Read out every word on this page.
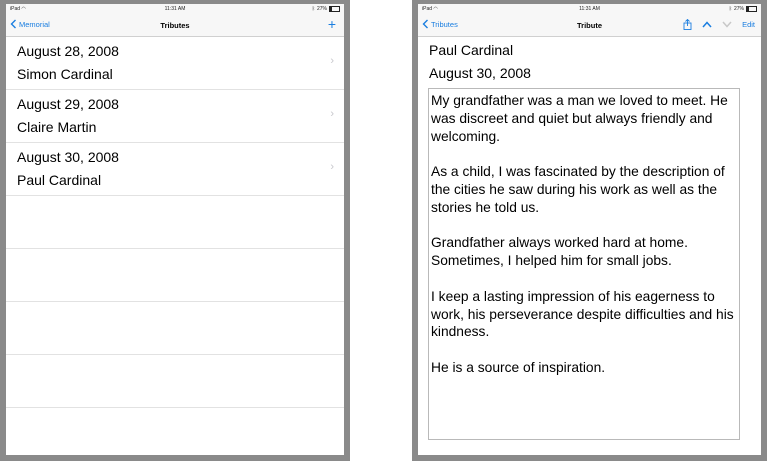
iPad ◠	11:31 AM	ᛒ 27%
Memorial	Tributes	+
August 28, 2008
Simon Cardinal
›
August 29, 2008
Claire Martin
›
August 30, 2008
Paul Cardinal
›
iPad ◠	11:31 AM	ᛒ 27%
Tributes	Tribute	Edit
Paul Cardinal
August 30, 2008

My grandfather was a man we loved to meet. He was discreet and quiet but always friendly and welcoming.

As a child, I was fascinated by the description of the cities he saw during his work as well as the stories he told us.

Grandfather always worked hard at home. Sometimes, I helped him for small jobs.

I keep a lasting impression of his eagerness to work, his perseverance despite difficulties and his kindness.

He is a source of inspiration.
